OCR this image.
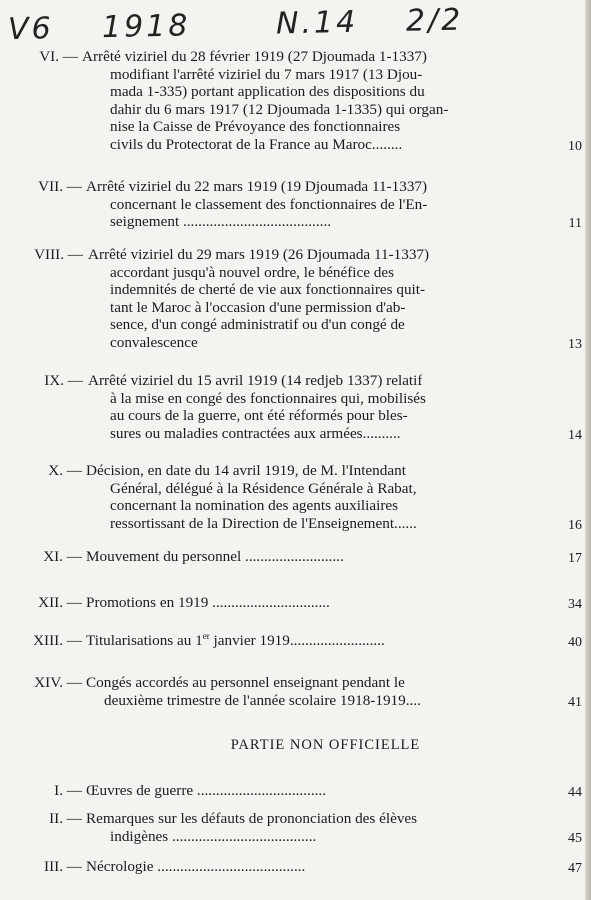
V6 1918	N.14 2/2
VI. — Arrêté viziriel du 28 février 1919 (27 Djoumada 1-1337)
modifiant l'arrêté viziriel du 7 mars 1917 (13 Djou-
mada 1-335) portant application des dispositions du
dahir du 6 mars 1917 (12 Djoumada 1-1335) qui organ-
nise la Caisse de Prévoyance des fonctionnaires
civils du Protectorat de la France au Maroc........	10
VII. — Arrêté viziriel du 22 mars 1919 (19 Djoumada 11-1337)
concernant le classement des fonctionnaires de l'En-
seignement .......................................	11
VIII. — Arrêté viziriel du 29 mars 1919 (26 Djoumada 11-1337)
accordant jusqu'à nouvel ordre, le bénéfice des
indemnités de cherté de vie aux fonctionnaires quit-
tant le Maroc à l'occasion d'une permission d'ab-
sence, d'un congé administratif ou d'un congé de
convalescence	13
IX. — Arrêté viziriel du 15 avril 1919 (14 redjeb 1337) relatif
à la mise en congé des fonctionnaires qui, mobilisés
au cours de la guerre, ont été réformés pour bles-
sures ou maladies contractées aux armées..........	14
X. — Décision, en date du 14 avril 1919, de M. l'Intendant
Général, délégué à la Résidence Générale à Rabat,
concernant la nomination des agents auxiliaires
ressortissant de la Direction de l'Enseignement......	16
XI. — Mouvement du personnel ..........................	17
XII. — Promotions en 1919 ...............................	34
XIII. — Titularisations au 1er janvier 1919.........................	40
XIV. — Congés accordés au personnel enseignant pendant le
deuxième trimestre de l'année scolaire 1918-1919....	41
I. — Œuvres de guerre ..................................	44
II. — Remarques sur les défauts de prononciation des élèves
indigènes ......................................	45
III. — Nécrologie .......................................	47
PARTIE NON OFFICIELLE
